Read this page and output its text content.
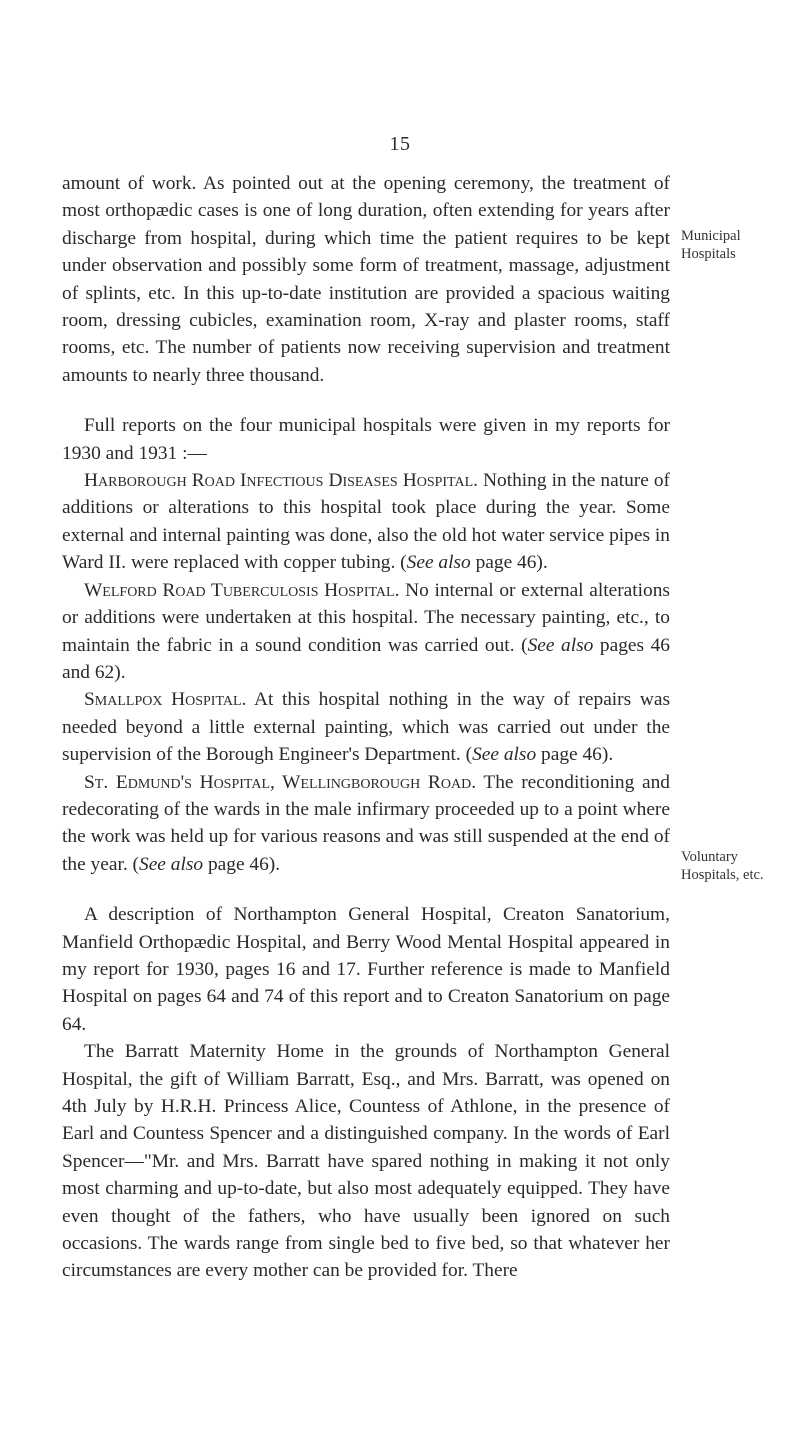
15

amount of work. As pointed out at the opening ceremony, the treatment of most orthopædic cases is one of long duration, often extending for years after discharge from hospital, during which time the patient requires to be kept under observation and possibly some form of treatment, massage, adjustment of splints, etc. In this up-to-date institution are provided a spacious waiting room, dressing cubicles, examination room, X-ray and plaster rooms, staff rooms, etc. The number of patients now receiving supervision and treatment amounts to nearly three thousand.

Full reports on the four municipal hospitals were given in my reports for 1930 and 1931 :—

Harborough Road Infectious Diseases Hospital. Nothing in the nature of additions or alterations to this hospital took place during the year. Some external and internal painting was done, also the old hot water service pipes in Ward II. were replaced with copper tubing. (See also page 46).

Welford Road Tuberculosis Hospital. No internal or external alterations or additions were undertaken at this hospital. The necessary painting, etc., to maintain the fabric in a sound condition was carried out. (See also pages 46 and 62).

Smallpox Hospital. At this hospital nothing in the way of repairs was needed beyond a little external painting, which was carried out under the supervision of the Borough Engineer's Department. (See also page 46).

St. Edmund's Hospital, Wellingborough Road. The reconditioning and redecorating of the wards in the male infirmary proceeded up to a point where the work was held up for various reasons and was still suspended at the end of the year. (See also page 46).

A description of Northampton General Hospital, Creaton Sanatorium, Manfield Orthopædic Hospital, and Berry Wood Mental Hospital appeared in my report for 1930, pages 16 and 17. Further reference is made to Manfield Hospital on pages 64 and 74 of this report and to Creaton Sanatorium on page 64.

The Barratt Maternity Home in the grounds of Northampton General Hospital, the gift of William Barratt, Esq., and Mrs. Barratt, was opened on 4th July by H.R.H. Princess Alice, Countess of Athlone, in the presence of Earl and Countess Spencer and a distinguished company. In the words of Earl Spencer—"Mr. and Mrs. Barratt have spared nothing in making it not only most charming and up-to-date, but also most adequately equipped. They have even thought of the fathers, who have usually been ignored on such occasions. The wards range from single bed to five bed, so that whatever her circumstances are every mother can be provided for. There

Municipal Hospitals
Voluntary Hospitals, etc.
